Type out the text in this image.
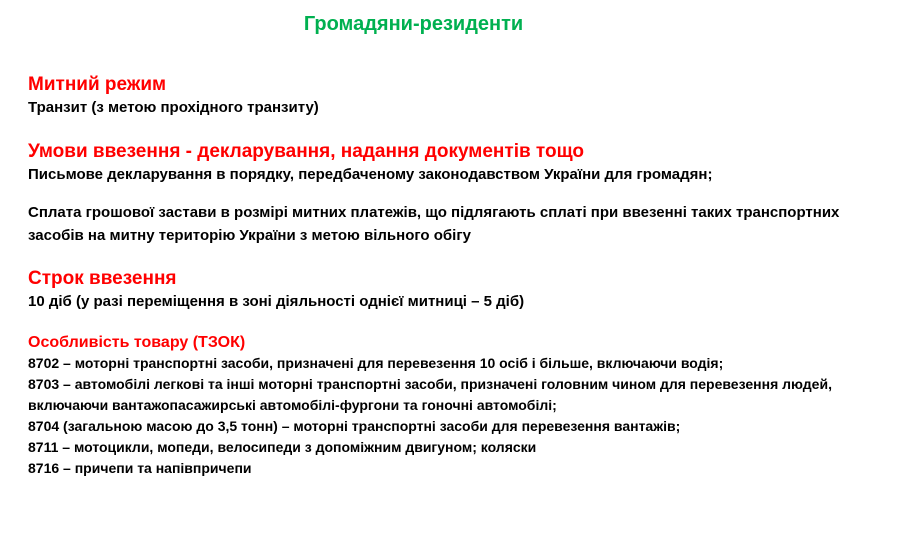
Громадяни-резиденти
Митний режим
Транзит (з метою прохідного транзиту)
Умови ввезення - декларування, надання документів тощо
Письмове декларування в порядку, передбаченому законодавством України для громадян;
Сплата грошової застави в розмірі митних платежів, що підлягають сплаті при ввезенні таких транспортних засобів на митну територію України з метою вільного обігу
Строк ввезення
10 діб (у разі переміщення в зоні діяльності однієї митниці – 5 діб)
Особливість товару (ТЗОК)
8702 – моторні транспортні засоби, призначені для перевезення 10 осіб і більше, включаючи водія;
8703 – автомобілі легкові та інші моторні транспортні засоби, призначені головним чином для перевезення людей, включаючи вантажопасажирські автомобілі-фургони та гоночні автомобілі;
8704 (загальною масою до 3,5 тонн) – моторні транспортні засоби для перевезення вантажів;
8711 – мотоцикли, мопеди, велосипеди з допоміжним двигуном; коляски
8716 – причепи та напівпричепи
